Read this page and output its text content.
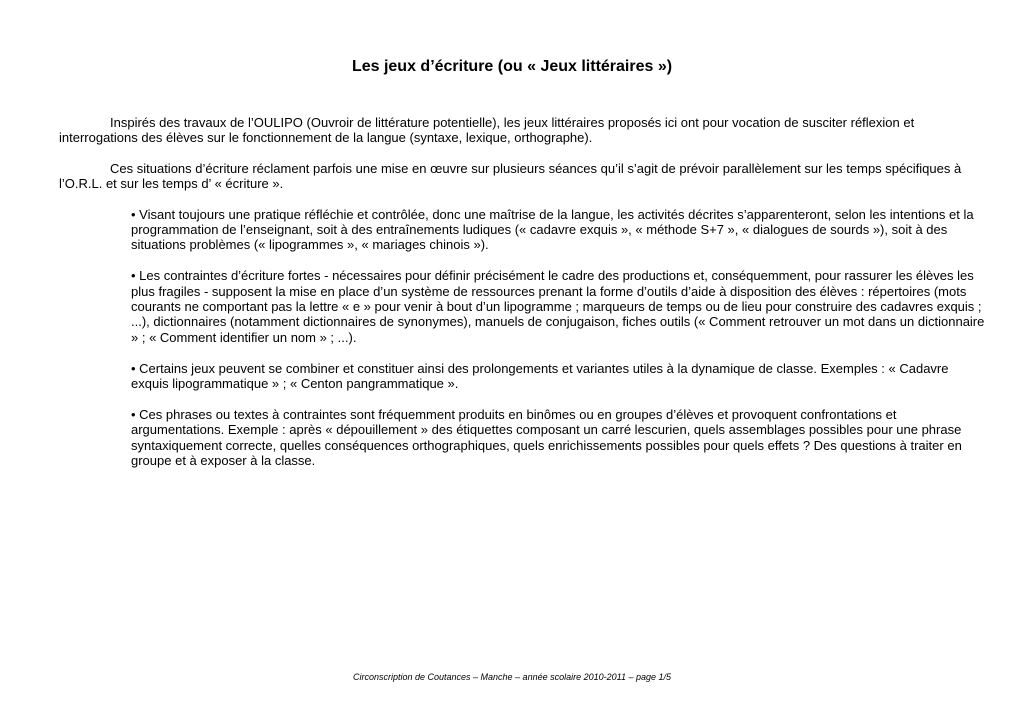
Les jeux d’écriture (ou « Jeux littéraires »)

Inspirés des travaux de l’OULIPO (Ouvroir de littérature potentielle), les jeux littéraires proposés ici ont pour vocation de susciter réflexion et interrogations des élèves sur le fonctionnement de la langue (syntaxe, lexique, orthographe).

Ces situations d’écriture réclament parfois une mise en œuvre sur plusieurs séances qu’il s’agit de prévoir parallèlement sur les temps spécifiques à l’O.R.L. et sur les temps d’ « écriture ».

• Visant toujours une pratique réfléchie et contrôlée, donc une maîtrise de la langue, les activités décrites s’apparenteront, selon les intentions et la programmation de l’enseignant, soit à des entraînements ludiques (« cadavre exquis », « méthode S+7 », « dialogues de sourds »), soit à des situations problèmes (« lipogrammes », « mariages chinois »).
• Les contraintes d’écriture fortes - nécessaires pour définir précisément le cadre des productions et, conséquemment, pour rassurer les élèves les plus fragiles - supposent la mise en place d’un système de ressources prenant la forme d’outils d’aide à disposition des élèves : répertoires (mots courants ne comportant pas la lettre « e » pour venir à bout d’un lipogramme ; marqueurs de temps ou de lieu pour construire des cadavres exquis ; ...), dictionnaires (notamment dictionnaires de synonymes), manuels de conjugaison, fiches outils (« Comment retrouver un mot dans un dictionnaire » ; « Comment identifier un nom » ; ...).
• Certains jeux peuvent se combiner et constituer ainsi des prolongements et variantes utiles à la dynamique de classe. Exemples : « Cadavre exquis lipogrammatique » ; « Centon pangrammatique ».
• Ces phrases ou textes à contraintes sont fréquemment produits en binômes ou en groupes d’élèves et provoquent confrontations et argumentations. Exemple : après « dépouillement » des étiquettes composant un carré lescurien, quels assemblages possibles pour une phrase syntaxiquement correcte, quelles conséquences orthographiques, quels enrichissements possibles pour quels effets ? Des questions à traiter en groupe et à exposer à la classe.
Circonscription de Coutances – Manche – année scolaire 2010-2011 – page 1/5
